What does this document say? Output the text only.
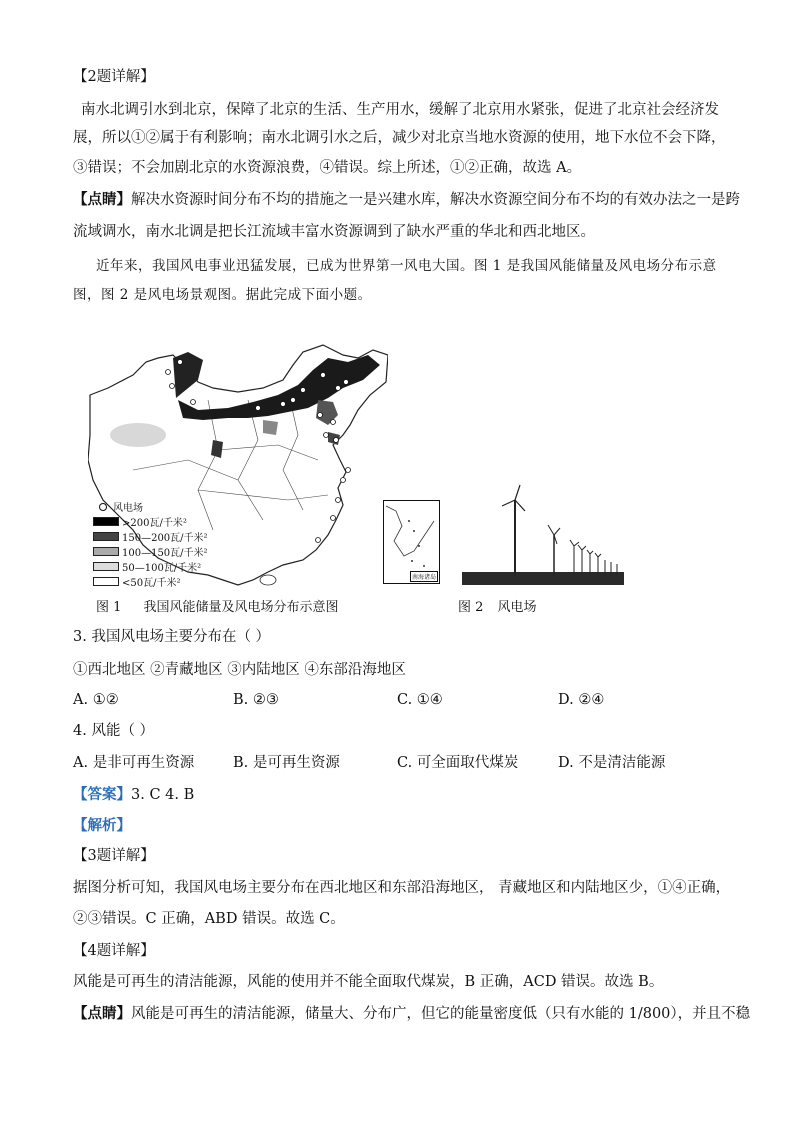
【2题详解】
南水北调引水到北京，保障了北京的生活、生产用水，缓解了北京用水紧张，促进了北京社会经济发
展，所以①②属于有利影响；南水北调引水之后，减少对北京当地水资源的使用，地下水位不会下降，
③错误；不会加剧北京的水资源浪费，④错误。综上所述，①②正确，故选 A。
【点睛】解决水资源时间分布不均的措施之一是兴建水库，解决水资源空间分布不均的有效办法之一是跨
流域调水，南水北调是把长江流域丰富水资源调到了缺水严重的华北和西北地区。
近年来，我国风电事业迅猛发展，已成为世界第一风电大国。图 1 是我国风能储量及风电场分布示意
图，图 2 是风电场景观图。据此完成下面小题。
风电场
>200瓦/千米²
150—200瓦/千米²
100—150瓦/千米²
50—100瓦/千米²
<50瓦/千米²
南海诸岛
图 1 我国风能储量及风电场分布示意图	图 2 风电场
3. 我国风电场主要分布在（ ）
①西北地区 ②青藏地区 ③内陆地区 ④东部沿海地区
A. ①②	B. ②③	C. ①④	D. ②④
4. 风能（ ）
A. 是非可再生资源	B. 是可再生资源	C. 可全面取代煤炭	D. 不是清洁能源
【答案】3. C 4. B
【解析】
【3题详解】
据图分析可知，我国风电场主要分布在西北地区和东部沿海地区， 青藏地区和内陆地区少，①④正确，
②③错误。C 正确，ABD 错误。故选 C。
【4题详解】
风能是可再生的清洁能源，风能的使用并不能全面取代煤炭，B 正确，ACD 错误。故选 B。
【点睛】风能是可再生的清洁能源，储量大、分布广，但它的能量密度低（只有水能的 1/800），并且不稳
